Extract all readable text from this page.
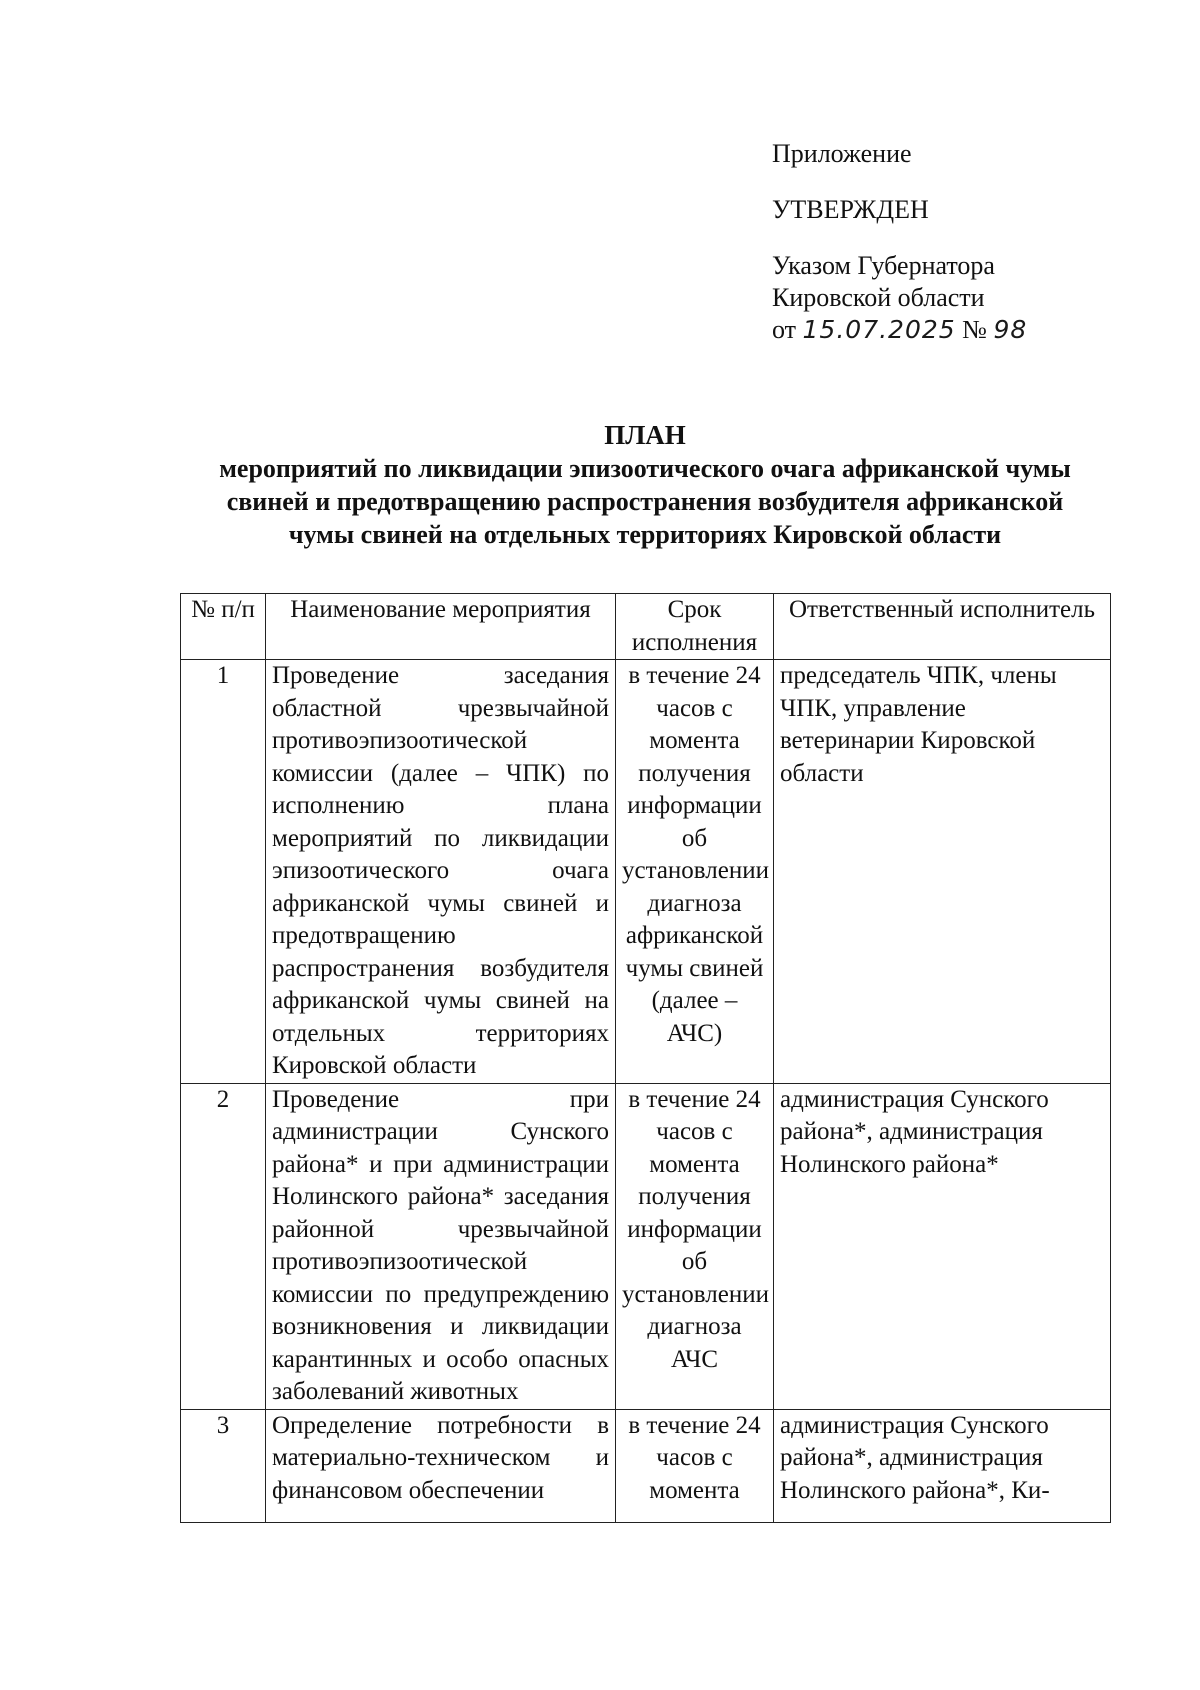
Приложение
УТВЕРЖДЕН
Указом Губернатора
Кировской области
от 15.07.2025 № 98
ПЛАН
мероприятий по ликвидации эпизоотического очага африканской чумы
свиней и предотвращению распространения возбудителя африканской
чумы свиней на отдельных территориях Кировской области
№ п/п	Наименование мероприятия	Срок исполнения	Ответственный исполнитель
1	Проведение заседания областной чрезвычайной противоэпизоотической комиссии (далее – ЧПК) по исполнению плана мероприятий по ликвидации эпизоотического очага африканской чумы свиней и предотвращению распространения возбудителя африканской чумы свиней на отдельных территориях Кировской области	в течение 24 часов с момента получения информации об установлении диагноза африканской чумы свиней (далее – АЧС)	председатель ЧПК, члены ЧПК, управление ветеринарии Кировской области
2	Проведение при администрации Сунского района* и при администрации Нолинского района* заседания районной чрезвычайной противоэпизоотической комиссии по предупреждению возникновения и ликвидации карантинных и особо опасных заболеваний животных	в течение 24 часов с момента получения информации об установлении диагноза АЧС	администрация Сунского района*, администрация Нолинского района*

3	Определение потребности в материально-техническом и финансовом обеспечении	в течение 24 часов с момента	администрация Сунского района*, администрация Нолинского района*, Ки-
